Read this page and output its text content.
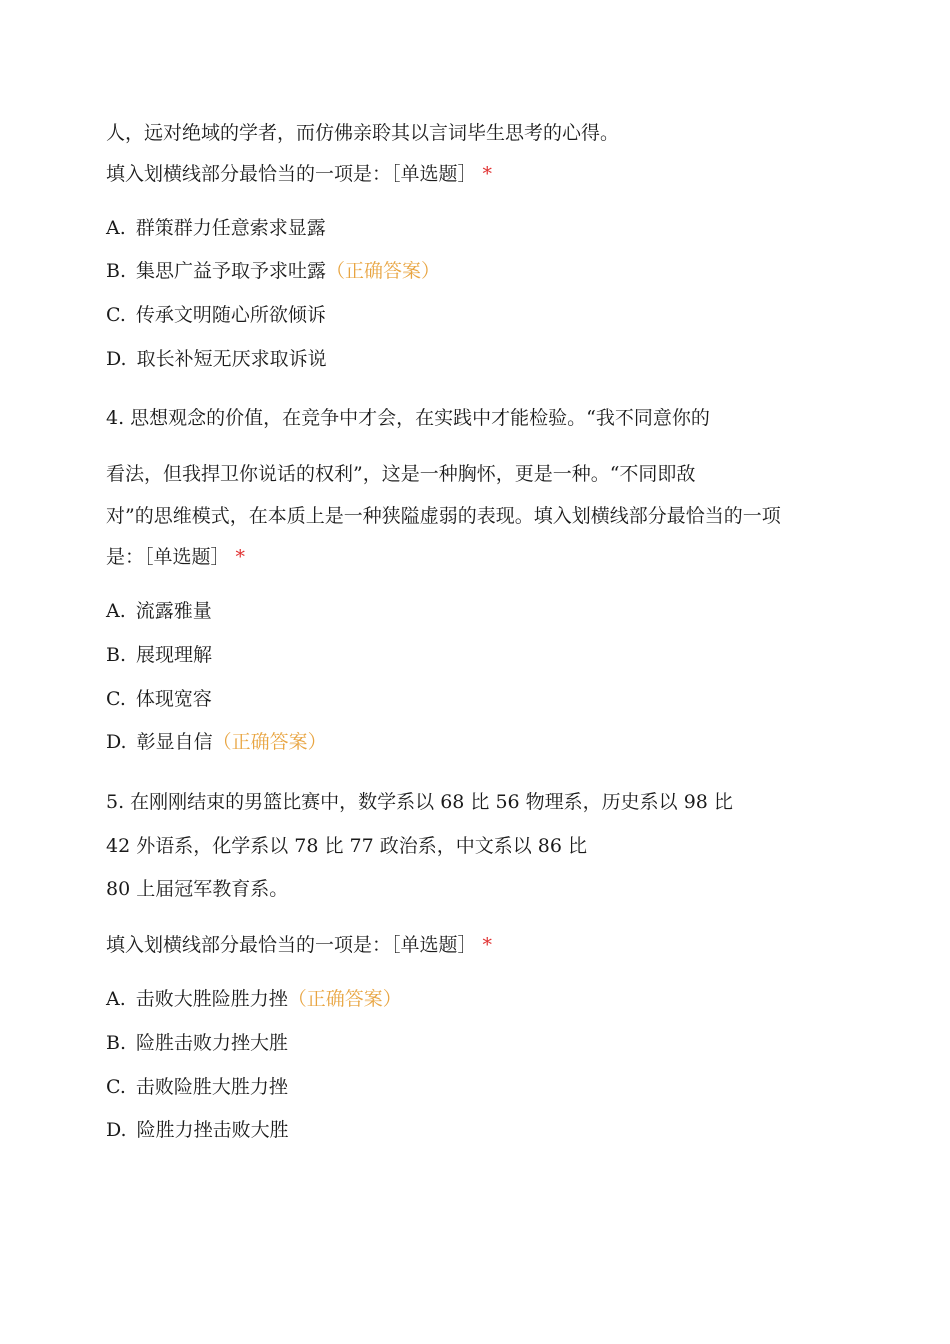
人，远对绝域的学者，而仿佛亲聆其以言词毕生思考的心得。
填入划横线部分最恰当的一项是：［单选题］ *
A. 群策群力任意索求显露
B. 集思广益予取予求吐露（正确答案）
C. 传承文明随心所欲倾诉
D. 取长补短无厌求取诉说
4. 思想观念的价值，在竞争中才会，在实践中才能检验。“我不同意你的
看法，但我捍卫你说话的权利”，这是一种胸怀，更是一种。“不同即敌
对”的思维模式，在本质上是一种狭隘虚弱的表现。填入划横线部分最恰当的一项
是：［单选题］ *
A. 流露雅量
B. 展现理解
C. 体现宽容
D. 彰显自信（正确答案）
5. 在刚刚结束的男篮比赛中，数学系以 68 比 56 物理系，历史系以 98 比
42 外语系，化学系以 78 比 77 政治系，中文系以 86 比
80 上届冠军教育系。
填入划横线部分最恰当的一项是：［单选题］ *
A. 击败大胜险胜力挫（正确答案）
B. 险胜击败力挫大胜
C. 击败险胜大胜力挫
D. 险胜力挫击败大胜
